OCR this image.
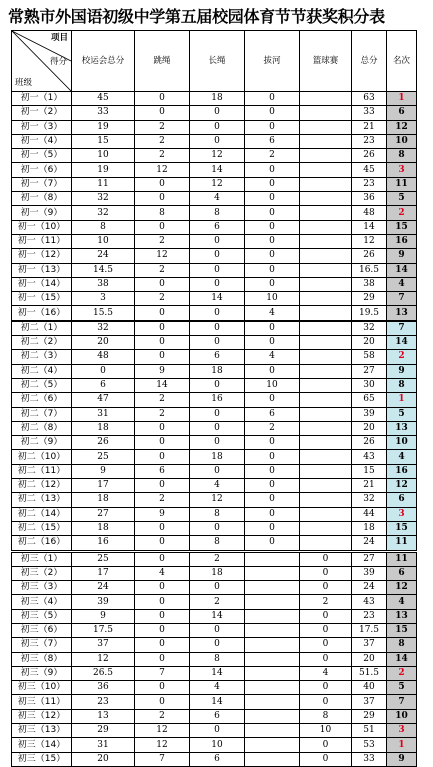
常熟市外国语初级中学第五届校园体育节节获奖积分表
项目
得分
班级	校运会总分	跳绳	长绳	拔河	篮球赛	总分	名次
初一（1）	45	0	18	0		63	1
初一（2）	33	0	0	0		33	6
初一（3）	19	2	0	0		21	12
初一（4）	15	2	0	6		23	10
初一（5）	10	2	12	2		26	8
初一（6）	19	12	14	0		45	3
初一（7）	11	0	12	0		23	11
初一（8）	32	0	4	0		36	5
初一（9）	32	8	8	0		48	2
初一（10）	8	0	6	0		14	15
初一（11）	10	2	0	0		12	16
初一（12）	24	12	0	0		26	9
初一（13）	14.5	2	0	0		16.5	14
初一（14）	38	0	0	0		38	4
初一（15）	3	2	14	10		29	7
初一（16）	15.5	0	0	4		19.5	13
初二（1）	32	0	0	0		32	7
初二（2）	20	0	0	0		20	14
初二（3）	48	0	6	4		58	2
初二（4）	0	9	18	0		27	9
初二（5）	6	14	0	10		30	8
初二（6）	47	2	16	0		65	1
初二（7）	31	2	0	6		39	5
初二（8）	18	0	0	2		20	13
初二（9）	26	0	0	0		26	10
初二（10）	25	0	18	0		43	4
初二（11）	9	6	0	0		15	16
初二（12）	17	0	4	0		21	12
初二（13）	18	2	12	0		32	6
初二（14）	27	9	8	0		44	3
初二（15）	18	0	0	0		18	15
初二（16）	16	0	8	0		24	11
初三（1）	25	0	2		0	27	11
初三（2）	17	4	18		0	39	6
初三（3）	24	0	0		0	24	12
初三（4）	39	0	2		2	43	4
初三（5）	9	0	14		0	23	13
初三（6）	17.5	0	0		0	17.5	15
初三（7）	37	0	0		0	37	8
初三（8）	12	0	8		0	20	14
初三（9）	26.5	7	14		4	51.5	2
初三（10）	36	0	4		0	40	5
初三（11）	23	0	14		0	37	7
初三（12）	13	2	6		8	29	10
初三（13）	29	12	0		10	51	3
初三（14）	31	12	10		0	53	1
初三（15）	20	7	6		0	33	9
